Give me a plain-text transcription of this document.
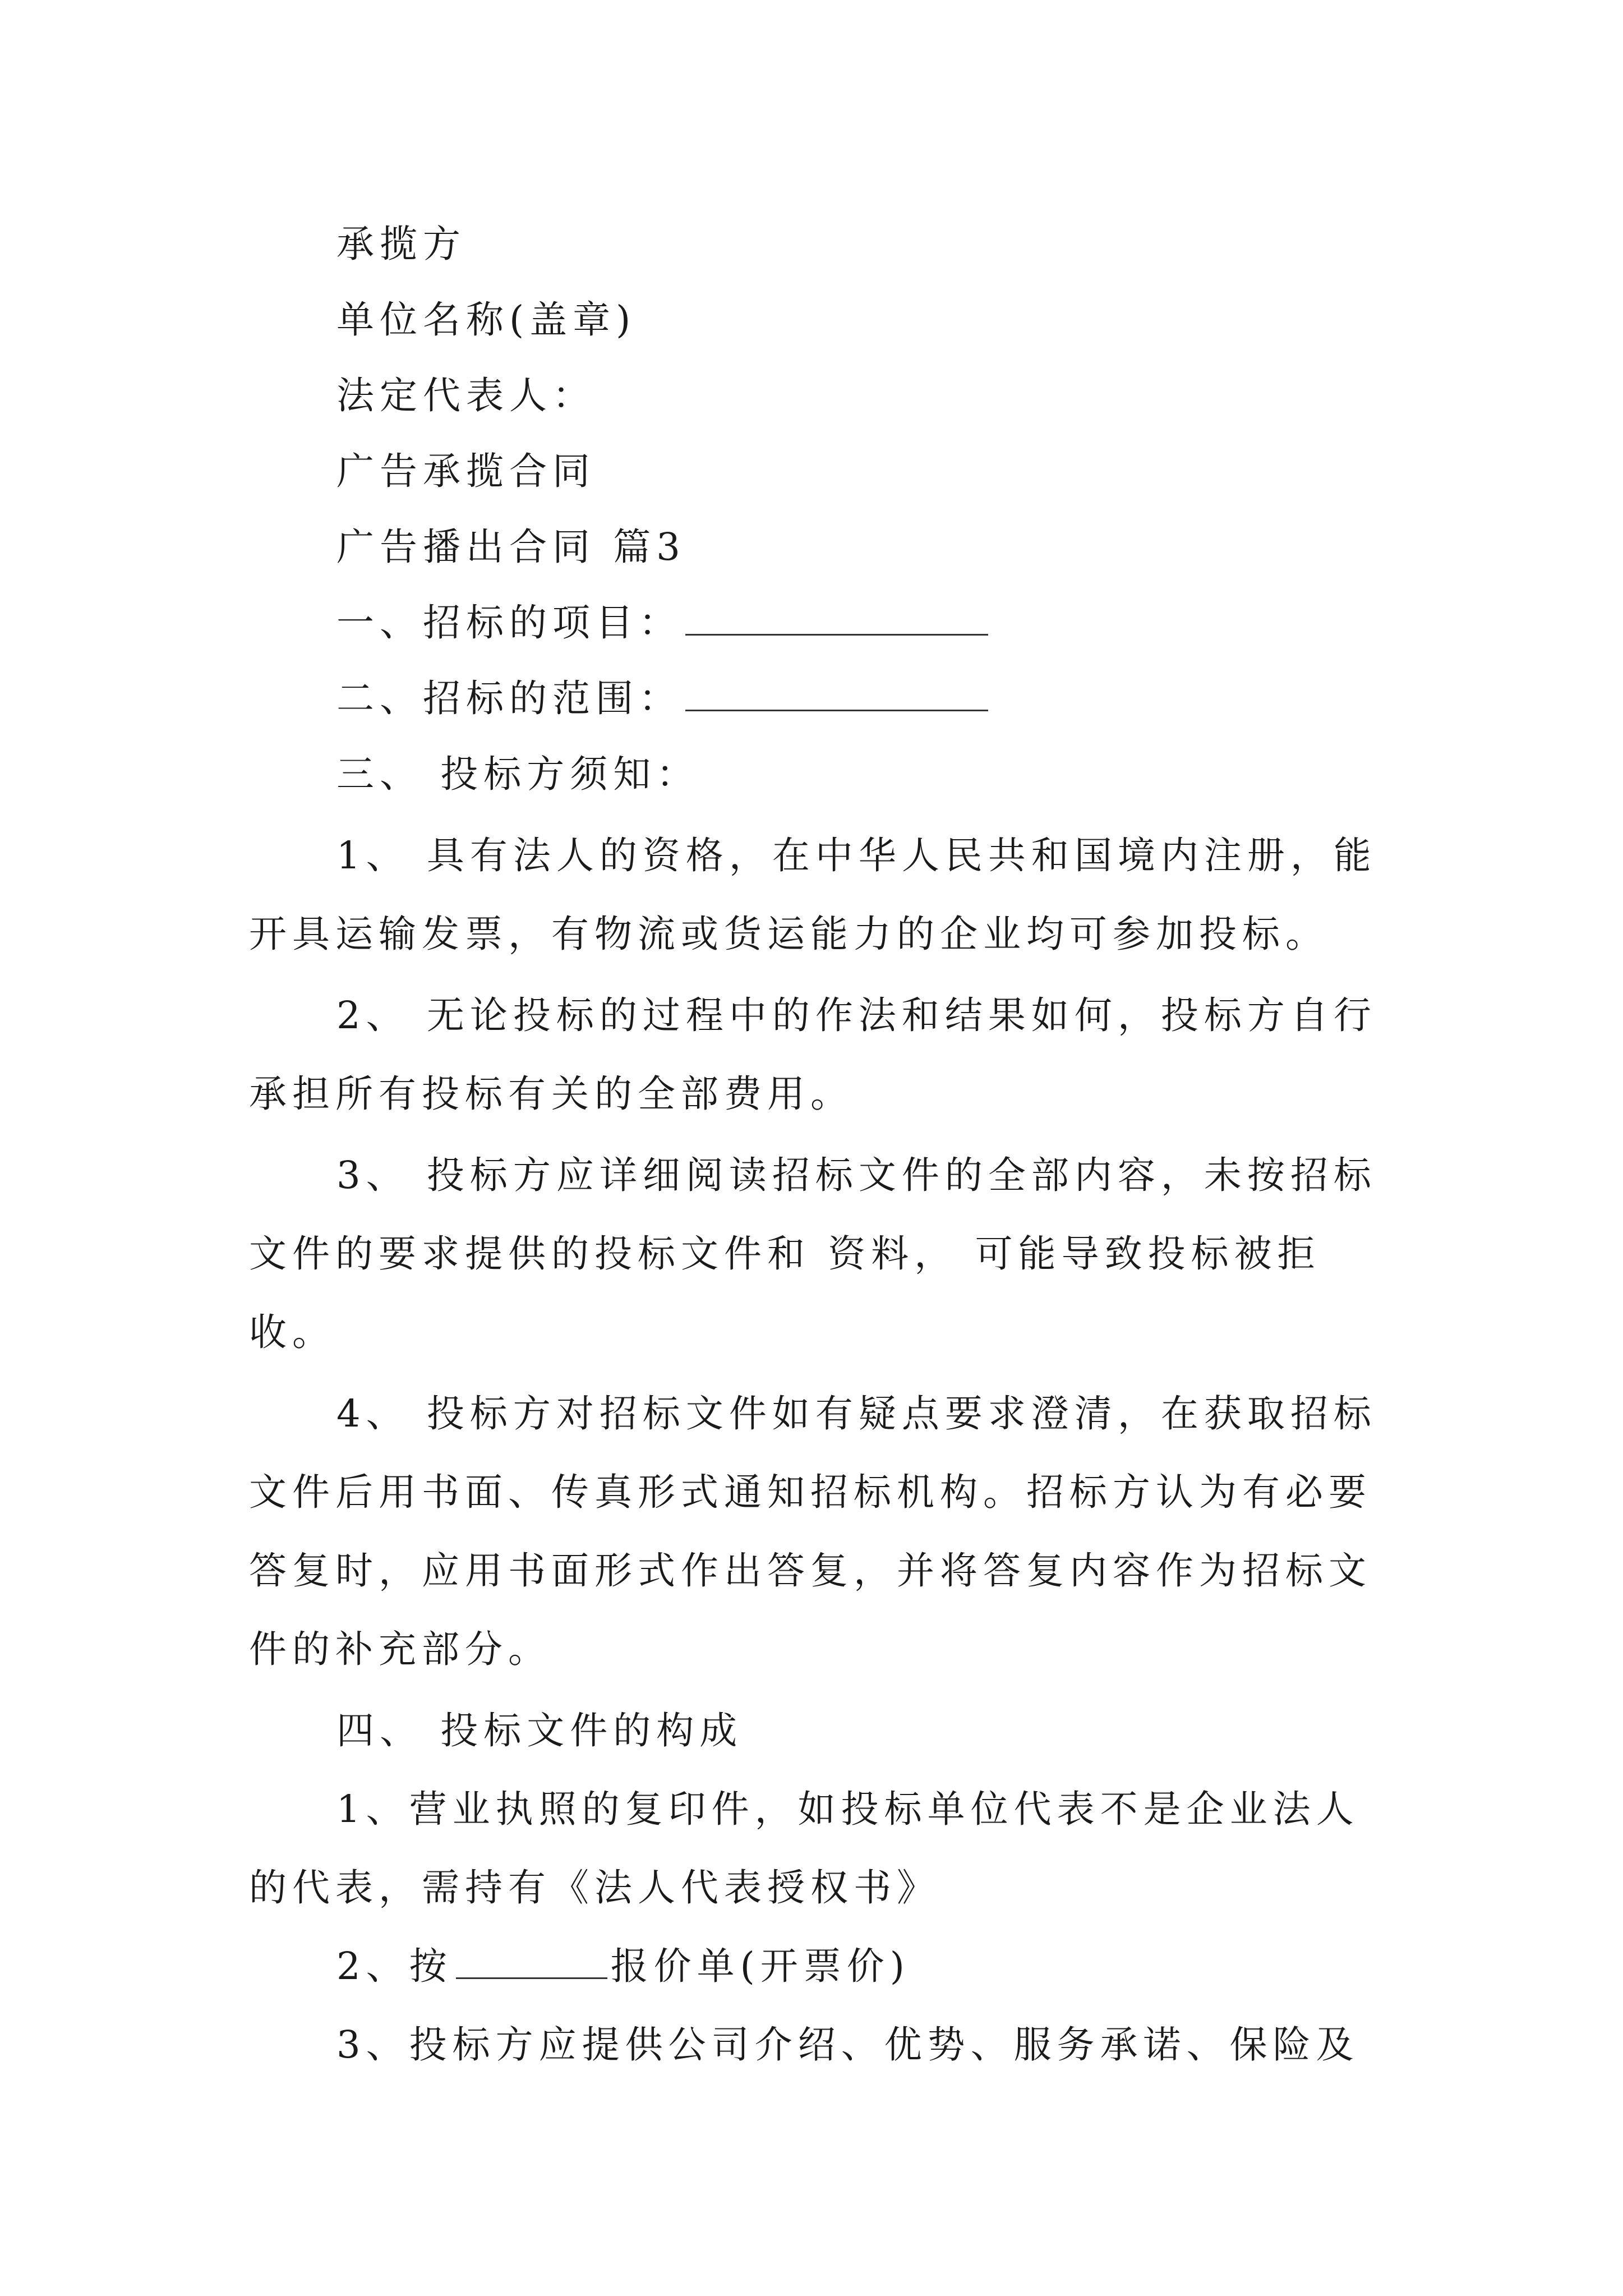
承揽方
单位名称(盖章)
法定代表人：
广告承揽合同
广告播出合同 篇3
一、招标的项目：
二、招标的范围：
三、 投标方须知：
1、 具有法人的资格，在中华人民共和国境内注册，能
开具运输发票，有物流或货运能力的企业均可参加投标。
2、 无论投标的过程中的作法和结果如何，投标方自行
承担所有投标有关的全部费用。
3、 投标方应详细阅读招标文件的全部内容，未按招标
文件的要求提供的投标文件和 资料， 可能导致投标被拒
收。
4、 投标方对招标文件如有疑点要求澄清，在获取招标
文件后用书面、传真形式通知招标机构。招标方认为有必要
答复时，应用书面形式作出答复，并将答复内容作为招标文
件的补充部分。
四、 投标文件的构成
1、营业执照的复印件，如投标单位代表不是企业法人
的代表，需持有《法人代表授权书》
2、按	报价单(开票价)
3、投标方应提供公司介绍、优势、服务承诺、保险及
